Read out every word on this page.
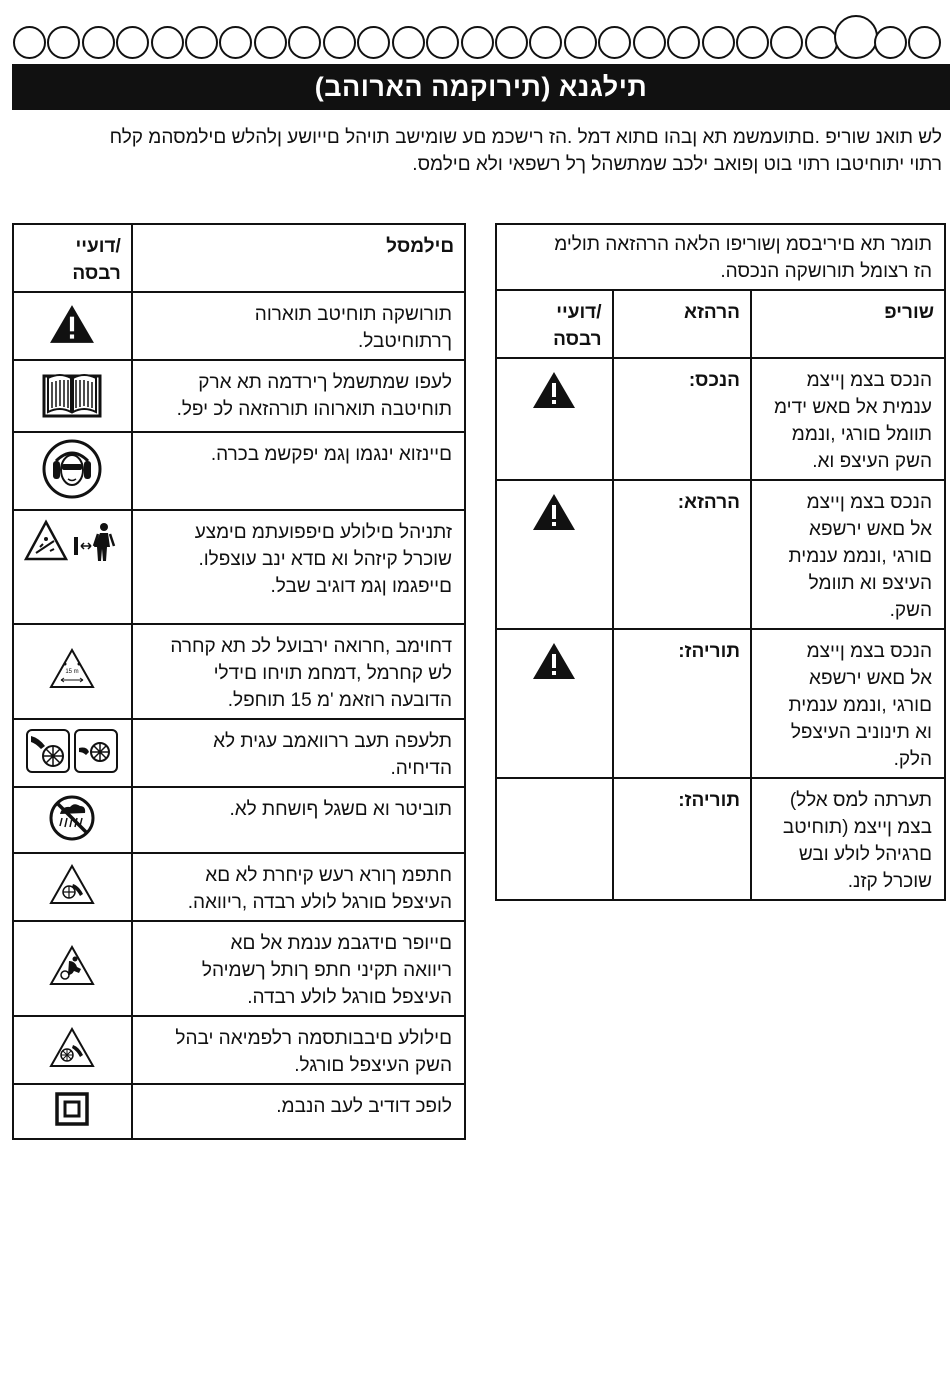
(תירוקמה הארוהב) תילגנא
לש תואנ שוריפ .םתועמשמ תא ןבהו םתוא דמל .הז רישכמ םע שומישב תויהל םייושע ןלהלש םילמסהמ קלח
רתוי יתוחיטבו רתוי בוט ןפואב ילכב שמתשהל ךל רשפאי ולא םילמס.
תומר תא םיריבסמ ןשוריפו הלאה הרהזאה תולימ
הז רצומל תורושקה הנכסה.		

/דועיי
רבסה	הרהזא	שוריפ

הנכס:	הנכס בצמ ןייצמ
ענמית אל םאש ידימ
תוומל םורגי ,ונממ
השק העיצפ וא.

הרהזא:	הנכס בצמ ןייצמ
אל םאש ירשפא
םורגי ,ונממ ענמית
העיצפ וא תוומל
השק.

תוריהז:	הנכס בצמ ןייצמ
אל םאש ירשפא
םורגי ,ונממ ענמית
וא תינוניב העיצפל
הלק.

	תוריהז:	תערתה למס אלל)
בצמ ןייצמ (תוחיטב
םרגיהל לולע ובש
שוכרל קזנ.
/דועיי
רבסה	םילמסל

תורושקה תוחיטב תוארוה
ךרתוחיטבל.

לעפו שמתשמל ךירדמה תא ארק
תוחיטבה תוארוהו תורהזאה לכ יפל.

םיינזוא ינגמו ןגמ יפקשמ בכרה.

זתניהל םילולע םיפפועתמ םימצע
שוכרל קיזהל וא םדא ינב עוצפלו.
םייפגמו ןגמ דוגיב שבל.

15 m	דחוימב ,חרואה ירבועל לכ תא קחרה
לש קחרמל ,דמחמ תויחו םידלי
הדובעה רוזאמ 'מ 15 תוחפל.

תלעפה תעב ררוואמב עגית לא
הדיחיה.

תוביטר וא םשגל ףושחת לא.

חתפמ ךורא רעש קיחרת לא םא
העיצפל םורגל לולע רבדה ,ריוואה.

םייופר םידגבמ ענמת אל םא
ריוואה תקיני חתפ ךותל ךשמיהל
העיצפל םורגל לולע רבדה.

םילולע םיבבותסמה רלפמיאה יבהל
השק העיצפל םורגל.

לופכ דודיב לעב הנבמ.
